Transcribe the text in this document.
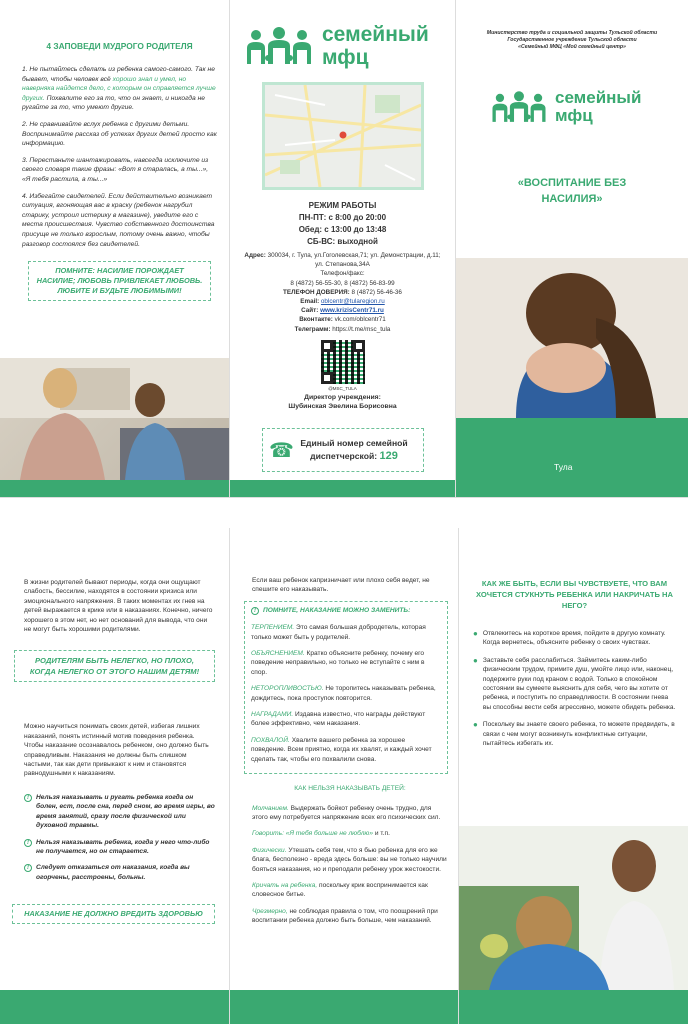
4 ЗАПОВЕДИ МУДРОГО РОДИТЕЛЯ
1. Не пытайтесь сделать из ребенка самого-самого. Так не бывает, чтобы человек всё хорошо знал и умел, но наверняка найдется дело, с которым он справляется лучше других. Похвалите его за то, что он знает, и никогда не ругайте за то, что умеют другие.
2. Не сравнивайте вслух ребенка с другими детьми. Воспринимайте рассказ об успехах других детей просто как информацию.
3. Перестаньте шантажировать, навсегда исключите из своего словаря такие фразы: «Вот я старалась, а ты...», «Я тебя растила, а ты...»
4. Избегайте свидетелей. Если действительно возникает ситуация, вгоняющая вас в краску (ребенок нагрубил старику, устроил истерику в магазине), уведите его с места происшествия. Чувство собственного достоинства присуще не только взрослым, потому очень важно, чтобы разговор состоялся без свидетелей.
ПОМНИТЕ: НАСИЛИЕ ПОРОЖДАЕТ НАСИЛИЕ; ЛЮБОВЬ ПРИВЛЕКАЕТ ЛЮБОВЬ. ЛЮБИТЕ И БУДЬТЕ ЛЮБИМЫМИ!
семейный
мфц
РЕЖИМ РАБОТЫ
ПН-ПТ: с 8:00 до 20:00
Обед: с 13:00 до 13:48
СБ-ВС: выходной
Адрес: 300034, г. Тула, ул.Гоголевская,71; ул. Демонстрации, д.11; ул. Степанова,34А
Телефон/факс:
8 (4872) 56-55-30, 8 (4872) 56-83-99
ТЕЛЕФОН ДОВЕРИЯ: 8 (4872) 56-46-36
Email: oblcentr@tularegion.ru
Сайт: www.krizisCentr71.ru
Вконтакте: vk.com/oblcentr71
Телеграмм: https://t.me/msc_tula
@MSC_TULA
Директор учреждения:
Шубинская Эвелина Борисовна
☎ Единый номер семейной диспетчерской: 129
Министерство труда и социальной защиты Тульской области
Государственное учреждение Тульской области
«Семейный МФЦ «Мой семейный центр»
семейный
мфц
«ВОСПИТАНИЕ БЕЗ НАСИЛИЯ»
Тула
В жизни родителей бывают периоды, когда они ощущают слабость, бессилие, находятся в состоянии кризиса или эмоционального напряжения. В таких моментах их гнев на детей выражается в крике или в наказаниях. Конечно, ничего хорошего в этом нет, но нет оснований для вывода, что они не могут быть хорошими родителями.
РОДИТЕЛЯМ БЫТЬ НЕЛЕГКО, НО ПЛОХО, КОГДА НЕЛЕГКО ОТ ЭТОГО НАШИМ ДЕТЯМ!
Можно научиться понимать своих детей, избегая лишних наказаний, понять истинный мотив поведения ребенка. Чтобы наказание осознавалось ребенком, оно должно быть справедливым. Наказания не должны быть слишком частыми, так как дети привыкают к ним и становятся равнодушными к наказаниям.
!	Нельзя наказывать и ругать ребенка когда он болен, ест, после сна, перед сном, во время игры, во время занятий, сразу после физической или духовной травмы.
!	Нельзя наказывать ребенка, когда у него что-либо не получается, но он старается.
!	Следует отказаться от наказания, когда вы огорчены, расстроены, больны.
НАКАЗАНИЕ НЕ ДОЛЖНО ВРЕДИТЬ ЗДОРОВЬЮ
Если ваш ребенок капризничает или плохо себя ведет, не спешите его наказывать.
!	ПОМНИТЕ, НАКАЗАНИЕ МОЖНО ЗАМЕНИТЬ:
ТЕРПЕНИЕМ. Это самая большая добродетель, которая только может быть у родителей.
ОБЪЯСНЕНИЕМ. Кратко объясните ребенку, почему его поведение неправильно, но только не вступайте с ним в спор.
НЕТОРОПЛИВОСТЬЮ. Не торопитесь наказывать ребенка, дождитесь, пока проступок повторится.
НАГРАДАМИ. Издавна известно, что награды действуют более эффективно, чем наказания.
ПОХВАЛОЙ. Хвалите вашего ребенка за хорошее поведение. Всем приятно, когда их хвалят, и каждый хочет сделать так, чтобы его похвалили снова.
КАК НЕЛЬЗЯ НАКАЗЫВАТЬ ДЕТЕЙ:
Молчанием. Выдержать бойкот ребенку очень трудно, для этого ему потребуется напряжение всех его психических сил.
Говорить: «Я тебя больше не люблю» и т.п.
Физически. Утешать себя тем, что я бью ребенка для его же блага, бесполезно - вреда здесь больше: вы не только научили бояться наказания, но и преподали ребенку урок жестокости.
Кричать на ребенка, поскольку крик воспринимается как словесное битье.
Чрезмерно, не соблюдая правила о том, что поощрений при воспитании ребенка должно быть больше, чем наказаний.
КАК ЖЕ БЫТЬ, ЕСЛИ ВЫ ЧУВСТВУЕТЕ, ЧТО ВАМ ХОЧЕТСЯ СТУКНУТЬ РЕБЕНКА ИЛИ НАКРИЧАТЬ НА НЕГО?
● Отвлекитесь на короткое время, пойдите в другую комнату. Когда вернетесь, объясните ребенку о своих чувствах.
● Заставьте себя расслабиться. Займитесь каким-либо физическим трудом, примите душ, умойте лицо или, наконец, подержите руки под краном с водой. Только в спокойном состоянии вы сумеете выяснить для себя, чего вы хотите от ребенка, и поступить по справедливости. В состоянии гнева вы способны вести себя агрессивно, можете обидеть ребенка.
● Поскольку вы знаете своего ребенка, то можете предвидеть, в связи с чем могут возникнуть конфликтные ситуации, пытайтесь избегать их.
